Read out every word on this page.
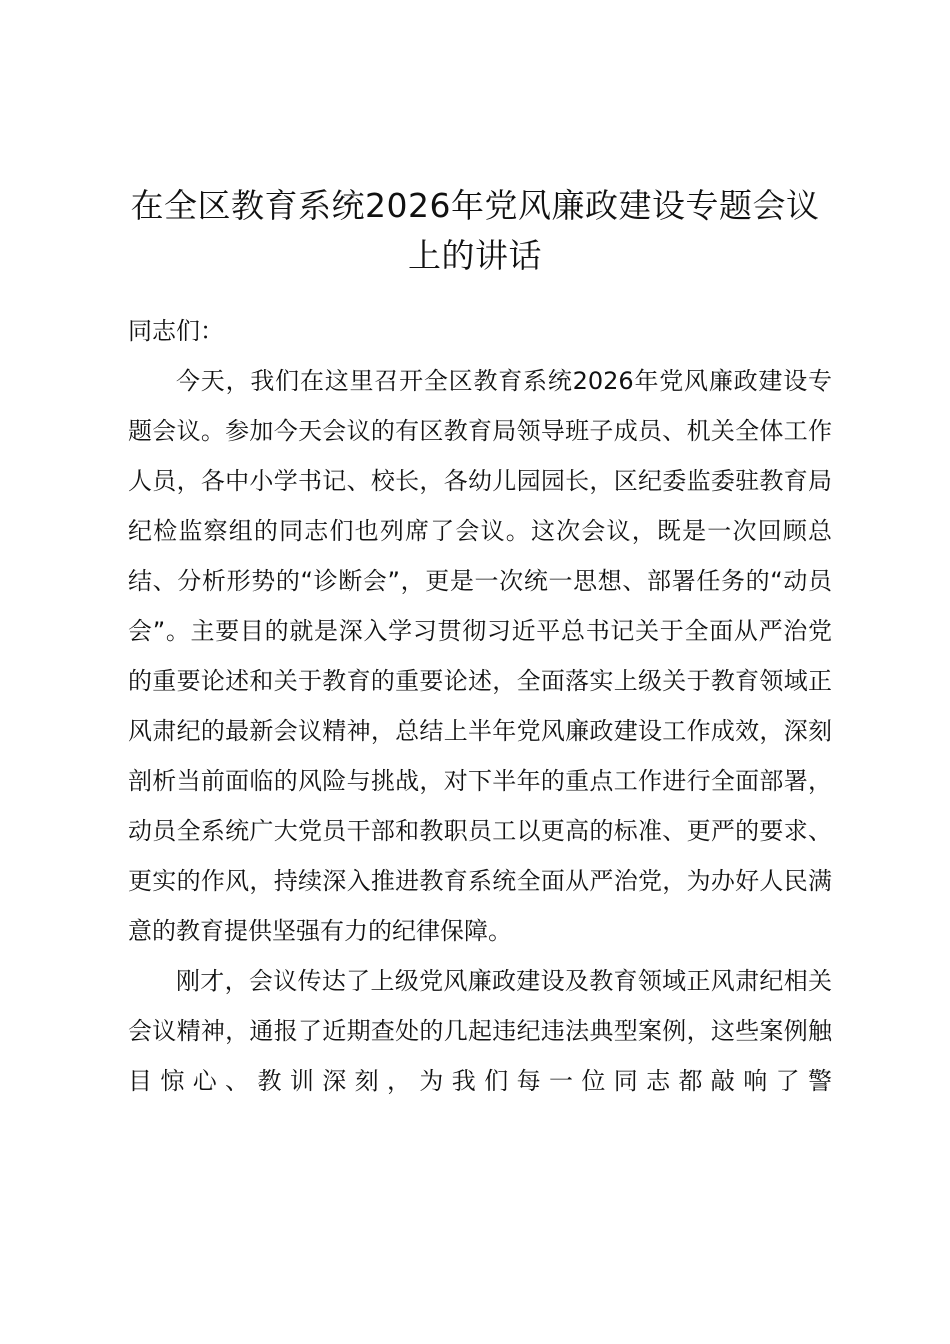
在全区教育系统2026年党风廉政建设专题会议上的讲话

同志们：

今天，我们在这里召开全区教育系统2026年党风廉政建设专题会议。参加今天会议的有区教育局领导班子成员、机关全体工作人员，各中小学书记、校长，各幼儿园园长，区纪委监委驻教育局纪检监察组的同志们也列席了会议。这次会议，既是一次回顾总结、分析形势的“诊断会”，更是一次统一思想、部署任务的“动员会”。主要目的就是深入学习贯彻习近平总书记关于全面从严治党的重要论述和关于教育的重要论述，全面落实上级关于教育领域正风肃纪的最新会议精神，总结上半年党风廉政建设工作成效，深刻剖析当前面临的风险与挑战，对下半年的重点工作进行全面部署，动员全系统广大党员干部和教职员工以更高的标准、更严的要求、更实的作风，持续深入推进教育系统全面从严治党，为办好人民满意的教育提供坚强有力的纪律保障。

刚才，会议传达了上级党风廉政建设及教育领域正风肃纪相关会议精神，通报了近期查处的几起违纪违法典型案例，这些案例触目惊心、教训深刻，为我们每一位同志都敲响了警
